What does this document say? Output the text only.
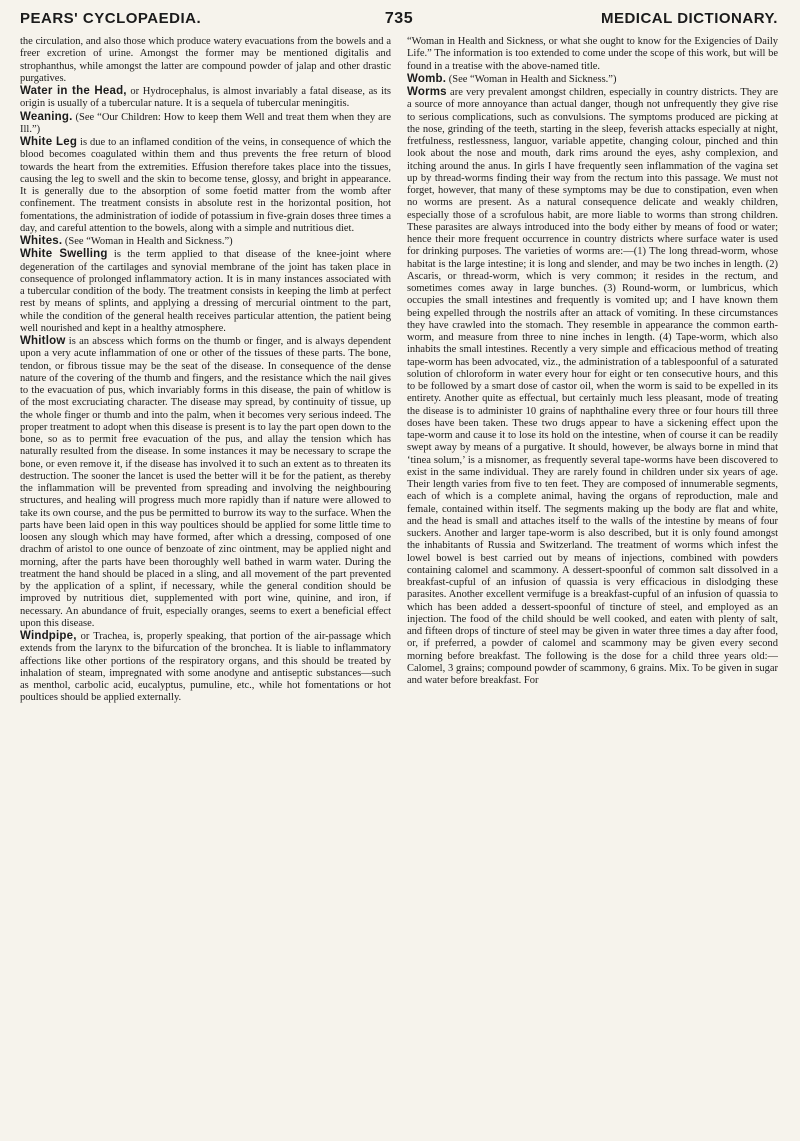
PEARS' CYCLOPAEDIA.	735	MEDICAL DICTIONARY.

the circulation, and also those which produce watery evacuations from the bowels and a freer excretion of urine. Amongst the former may be mentioned digitalis and strophanthus, while amongst the latter are compound powder of jalap and other drastic purgatives.

Water in the Head, or Hydrocephalus, is almost invariably a fatal disease, as its origin is usually of a tubercular nature. It is a sequela of tubercular meningitis.

Weaning. (See “Our Children: How to keep them Well and treat them when they are Ill.”)

White Leg is due to an inflamed condition of the veins, in consequence of which the blood becomes coagulated within them and thus prevents the free return of blood towards the heart from the extremities. Effusion therefore takes place into the tissues, causing the leg to swell and the skin to become tense, glossy, and bright in appearance. It is generally due to the absorption of some foetid matter from the womb after confinement. The treatment consists in absolute rest in the horizontal position, hot fomentations, the administration of iodide of potassium in five-grain doses three times a day, and careful attention to the bowels, along with a simple and nutritious diet.

Whites. (See “Woman in Health and Sickness.”)

White Swelling is the term applied to that disease of the knee-joint where degeneration of the cartilages and synovial membrane of the joint has taken place in consequence of prolonged inflammatory action. It is in many instances associated with a tubercular condition of the body. The treatment consists in keeping the limb at perfect rest by means of splints, and applying a dressing of mercurial ointment to the part, while the condition of the general health receives particular attention, the patient being well nourished and kept in a healthy atmosphere.

Whitlow is an abscess which forms on the thumb or finger, and is always dependent upon a very acute inflammation of one or other of the tissues of these parts. The bone, tendon, or fibrous tissue may be the seat of the disease. In consequence of the dense nature of the covering of the thumb and fingers, and the resistance which the nail gives to the evacuation of pus, which invariably forms in this disease, the pain of whitlow is of the most excruciating character. The disease may spread, by continuity of tissue, up the whole finger or thumb and into the palm, when it becomes very serious indeed. The proper treatment to adopt when this disease is present is to lay the part open down to the bone, so as to permit free evacuation of the pus, and allay the tension which has naturally resulted from the disease. In some instances it may be necessary to scrape the bone, or even remove it, if the disease has involved it to such an extent as to threaten its destruction. The sooner the lancet is used the better will it be for the patient, as thereby the inflammation will be prevented from spreading and involving the neighbouring structures, and healing will progress much more rapidly than if nature were allowed to take its own course, and the pus be permitted to burrow its way to the surface. When the parts have been laid open in this way poultices should be applied for some little time to loosen any slough which may have formed, after which a dressing, composed of one drachm of aristol to one ounce of benzoate of zinc ointment, may be applied night and morning, after the parts have been thoroughly well bathed in warm water. During the treatment the hand should be placed in a sling, and all movement of the part prevented by the application of a splint, if necessary, while the general condition should be improved by nutritious diet, supplemented with port wine, quinine, and iron, if necessary. An abundance of fruit, especially oranges, seems to exert a beneficial effect upon this disease.

Windpipe, or Trachea, is, properly speaking, that portion of the air-passage which extends from the larynx to the bifurcation of the bronchea. It is liable to inflammatory affections like other portions of the respiratory organs, and this should be treated by inhalation of steam, impregnated with some anodyne and antiseptic substances—such as menthol, carbolic acid, eucalyptus, pumuline, etc., while hot fomentations or hot poultices should be applied externally.

“Woman in Health and Sickness, or what she ought to know for the Exigencies of Daily Life.” The information is too extended to come under the scope of this work, but will be found in a treatise with the above-named title.

Womb. (See “Woman in Health and Sickness.”)

Worms are very prevalent amongst children, especially in country districts. They are a source of more annoyance than actual danger, though not unfrequently they give rise to serious complications, such as convulsions. The symptoms produced are picking at the nose, grinding of the teeth, starting in the sleep, feverish attacks especially at night, fretfulness, restlessness, languor, variable appetite, changing colour, pinched and thin look about the nose and mouth, dark rims around the eyes, ashy complexion, and itching around the anus. In girls I have frequently seen inflammation of the vagina set up by thread-worms finding their way from the rectum into this passage. We must not forget, however, that many of these symptoms may be due to constipation, even when no worms are present. As a natural consequence delicate and weakly children, especially those of a scrofulous habit, are more liable to worms than strong children. These parasites are always introduced into the body either by means of food or water; hence their more frequent occurrence in country districts where surface water is used for drinking purposes. The varieties of worms are:—(1) The long thread-worm, whose habitat is the large intestine; it is long and slender, and may be two inches in length. (2) Ascaris, or thread-worm, which is very common; it resides in the rectum, and sometimes comes away in large bunches. (3) Round-worm, or lumbricus, which occupies the small intestines and frequently is vomited up; and I have known them being expelled through the nostrils after an attack of vomiting. In these circumstances they have crawled into the stomach. They resemble in appearance the common earth-worm, and measure from three to nine inches in length. (4) Tape-worm, which also inhabits the small intestines. Recently a very simple and efficacious method of treating tape-worm has been advocated, viz., the administration of a tablespoonful of a saturated solution of chloroform in water every hour for eight or ten consecutive hours, and this to be followed by a smart dose of castor oil, when the worm is said to be expelled in its entirety. Another quite as effectual, but certainly much less pleasant, mode of treating the disease is to administer 10 grains of naphthaline every three or four hours till three doses have been taken. These two drugs appear to have a sickening effect upon the tape-worm and cause it to lose its hold on the intestine, when of course it can be readily swept away by means of a purgative. It should, however, be always borne in mind that ‘tinea solum,’ is a misnomer, as frequently several tape-worms have been discovered to exist in the same individual. They are rarely found in children under six years of age. Their length varies from five to ten feet. They are composed of innumerable segments, each of which is a complete animal, having the organs of reproduction, male and female, contained within itself. The segments making up the body are flat and white, and the head is small and attaches itself to the walls of the intestine by means of four suckers. Another and larger tape-worm is also described, but it is only found amongst the inhabitants of Russia and Switzerland. The treatment of worms which infest the lowel bowel is best carried out by means of injections, combined with powders containing calomel and scammony. A dessert-spoonful of common salt dissolved in a breakfast-cupful of an infusion of quassia is very efficacious in dislodging these parasites. Another excellent vermifuge is a breakfast-cupful of an infusion of quassia to which has been added a dessert-spoonful of tincture of steel, and employed as an injection. The food of the child should be well cooked, and eaten with plenty of salt, and fifteen drops of tincture of steel may be given in water three times a day after food, or, if preferred, a powder of calomel and scammony may be given every second morning before breakfast. The following is the dose for a child three years old:—Calomel, 3 grains; compound powder of scammony, 6 grains. Mix. To be given in sugar and water before breakfast. For
